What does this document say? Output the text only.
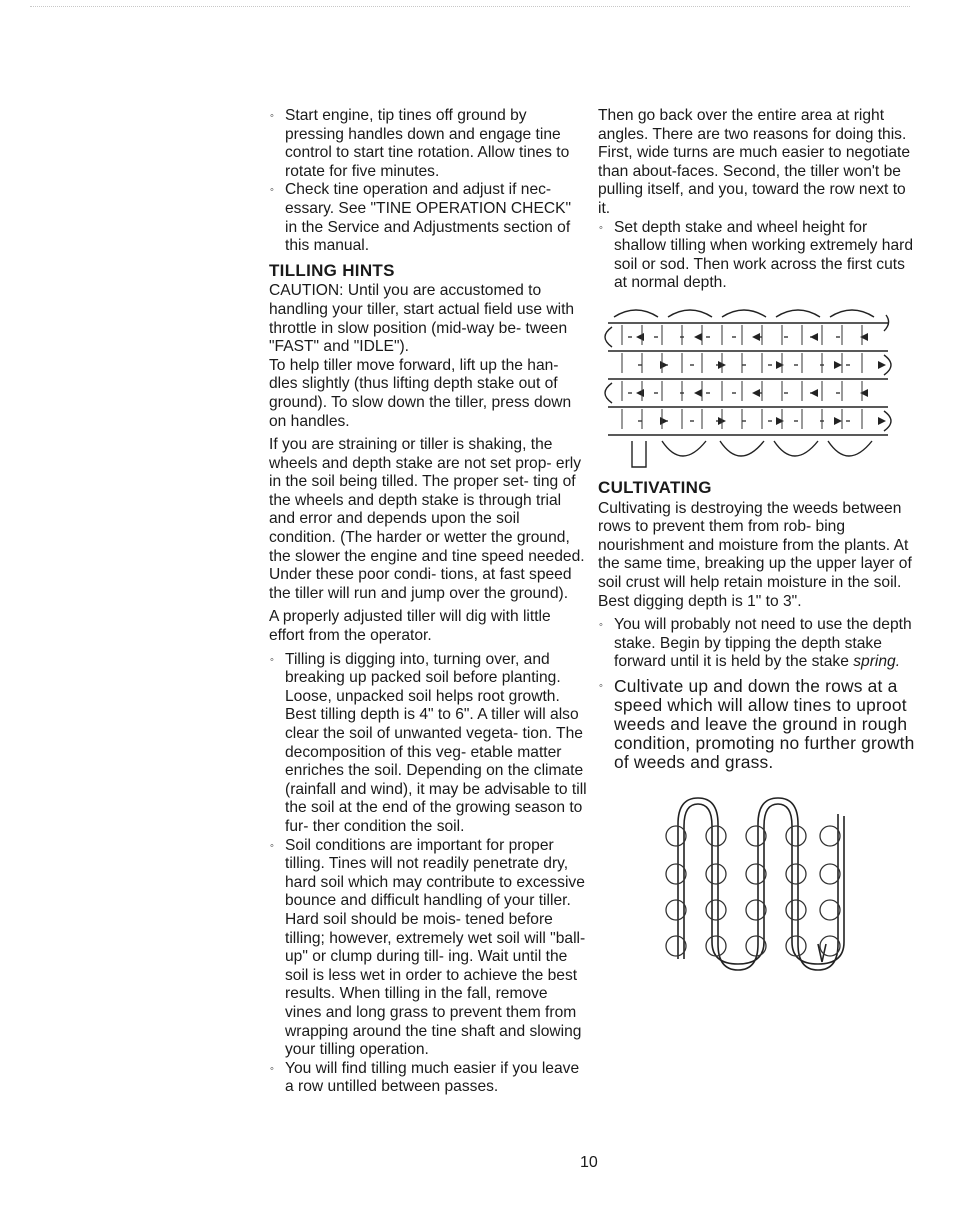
◦ Start engine, tip tines off ground by pressing handles down and engage tine control to start tine rotation. Allow tines to rotate for five minutes.

◦ Check tine operation and adjust if nec- essary. See "TINE OPERATION CHECK" in the Service and Adjustments section of this manual.

TILLING HINTS

CAUTION: Until you are accustomed to handling your tiller, start actual field use with throttle in slow position (mid-way be- tween "FAST" and "IDLE").

To help tiller move forward, lift up the han- dles slightly (thus lifting depth stake out of ground). To slow down the tiller, press down on handles.

If you are straining or tiller is shaking, the wheels and depth stake are not set prop- erly in the soil being tilled. The proper set- ting of the wheels and depth stake is through trial and error and depends upon the soil condition. (The harder or wetter the ground, the slower the engine and tine speed needed. Under these poor condi- tions, at fast speed the tiller will run and jump over the ground).

A properly adjusted tiller will dig with little effort from the operator.

◦ Tilling is digging into, turning over, and breaking up packed soil before planting. Loose, unpacked soil helps root growth. Best tilling depth is 4" to 6". A tiller will also clear the soil of unwanted vegeta- tion. The decomposition of this veg- etable matter enriches the soil. Depending on the climate (rainfall and wind), it may be advisable to till the soil at the end of the growing season to fur- ther condition the soil.

◦ Soil conditions are important for proper tilling. Tines will not readily penetrate dry, hard soil which may contribute to excessive bounce and difficult handling of your tiller. Hard soil should be mois- tened before tilling; however, extremely wet soil will "ball-up" or clump during till- ing. Wait until the soil is less wet in order to achieve the best results. When tilling in the fall, remove vines and long grass to prevent them from wrapping around the tine shaft and slowing your tilling operation.

◦ You will find tilling much easier if you leave a row untilled between passes.

Then go back over the entire area at right angles. There are two reasons for doing this. First, wide turns are much easier to negotiate than about-faces. Second, the tiller won't be pulling itself, and you, toward the row next to it.

◦ Set depth stake and wheel height for shallow tilling when working extremely hard soil or sod. Then work across the first cuts at normal depth.

CULTIVATING

Cultivating is destroying the weeds between rows to prevent them from rob- bing nourishment and moisture from the plants. At the same time, breaking up the upper layer of soil crust will help retain moisture in the soil. Best digging depth is 1" to 3".

◦ You will probably not need to use the depth stake. Begin by tipping the depth stake forward until it is held by the stake spring.

◦ Cultivate up and down the rows at a speed which will allow tines to uproot weeds and leave the ground in rough condition, promoting no further growth of weeds and grass.

10
